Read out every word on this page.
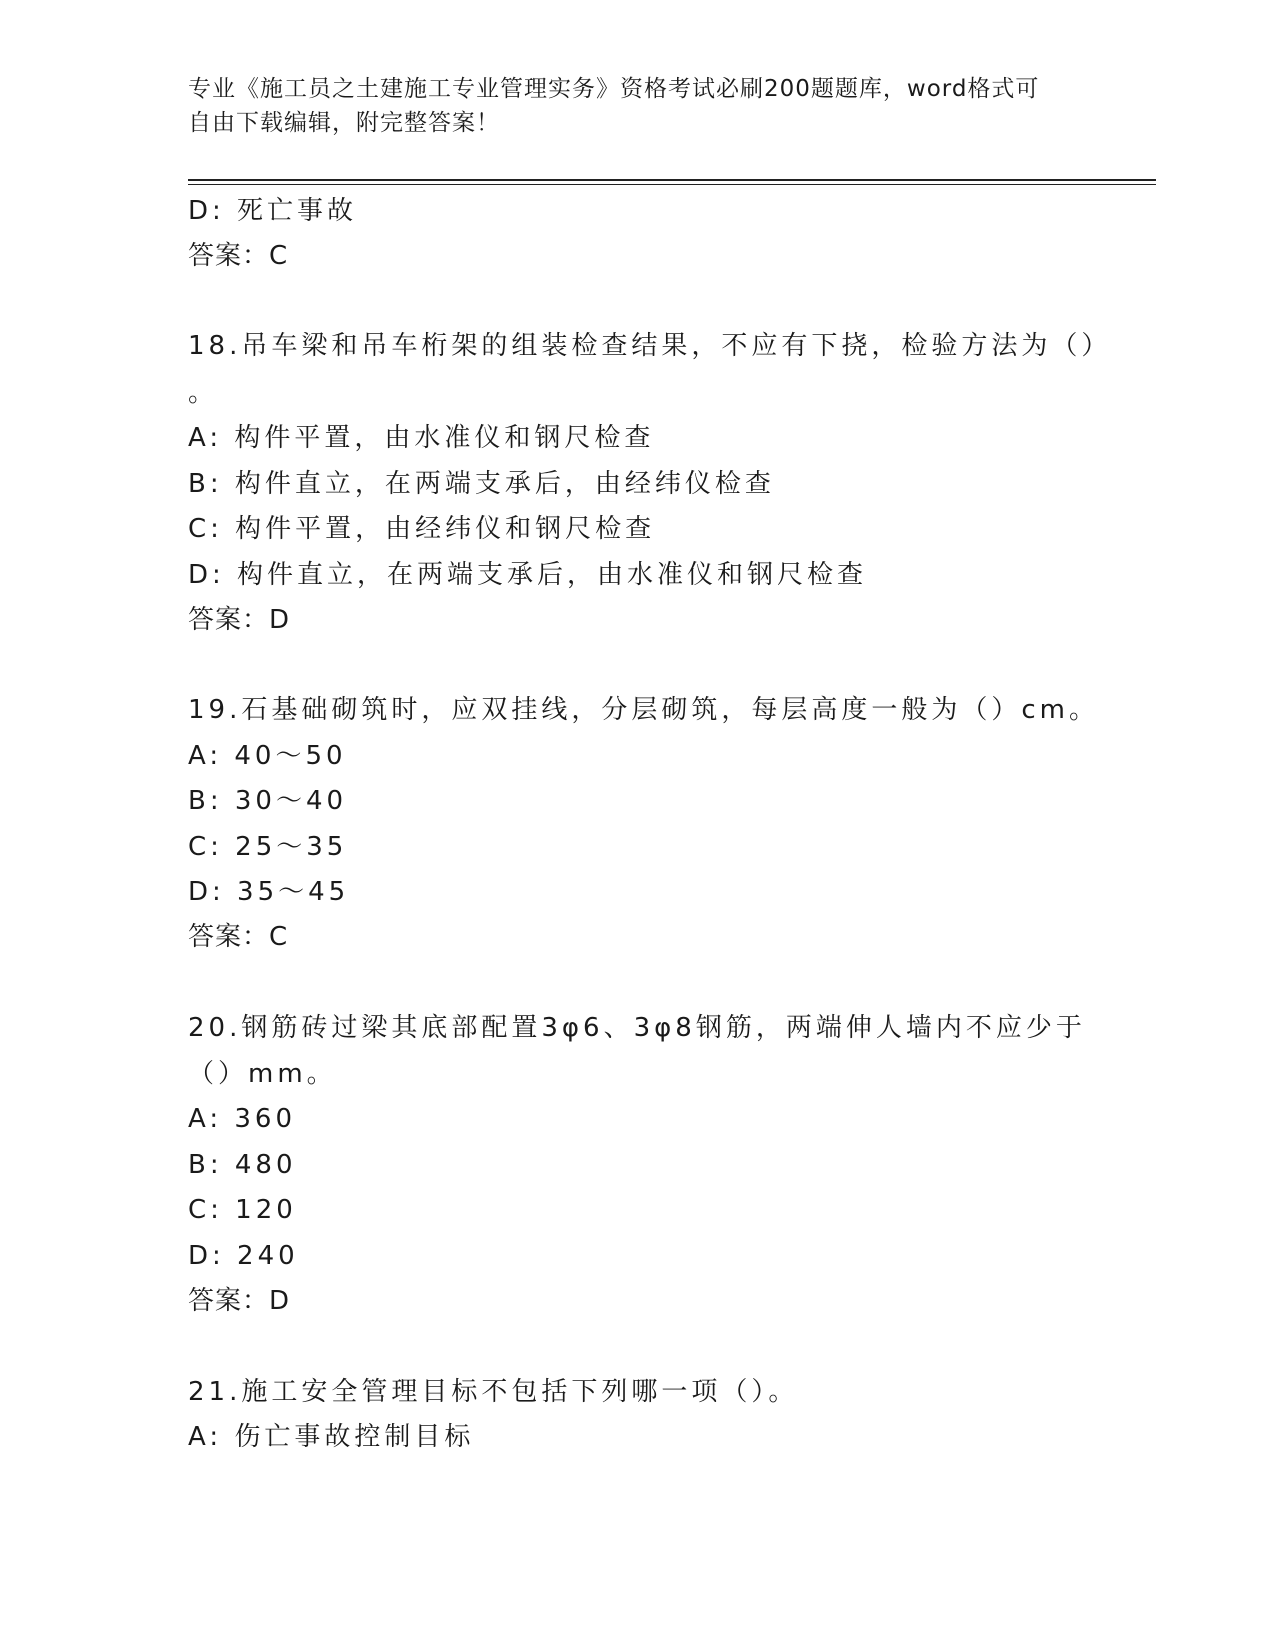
专业《施工员之土建施工专业管理实务》资格考试必刷200题题库，word格式可
自由下载编辑，附完整答案！
D: 死亡事故
答案：C
18.吊车梁和吊车桁架的组装检查结果，不应有下挠，检验方法为（）
。
A: 构件平置，由水准仪和钢尺检查
B: 构件直立，在两端支承后，由经纬仪检查
C: 构件平置，由经纬仪和钢尺检查
D: 构件直立，在两端支承后，由水准仪和钢尺检查
答案：D
19.石基础砌筑时，应双挂线，分层砌筑，每层高度一般为（）cm。
A: 40～50
B: 30～40
C: 25～35
D: 35～45
答案：C
20.钢筋砖过梁其底部配置3φ6、3φ8钢筋，两端伸人墙内不应少于
（）mm。
A: 360
B: 480
C: 120
D: 240
答案：D
21.施工安全管理目标不包括下列哪一项（）。
A: 伤亡事故控制目标
